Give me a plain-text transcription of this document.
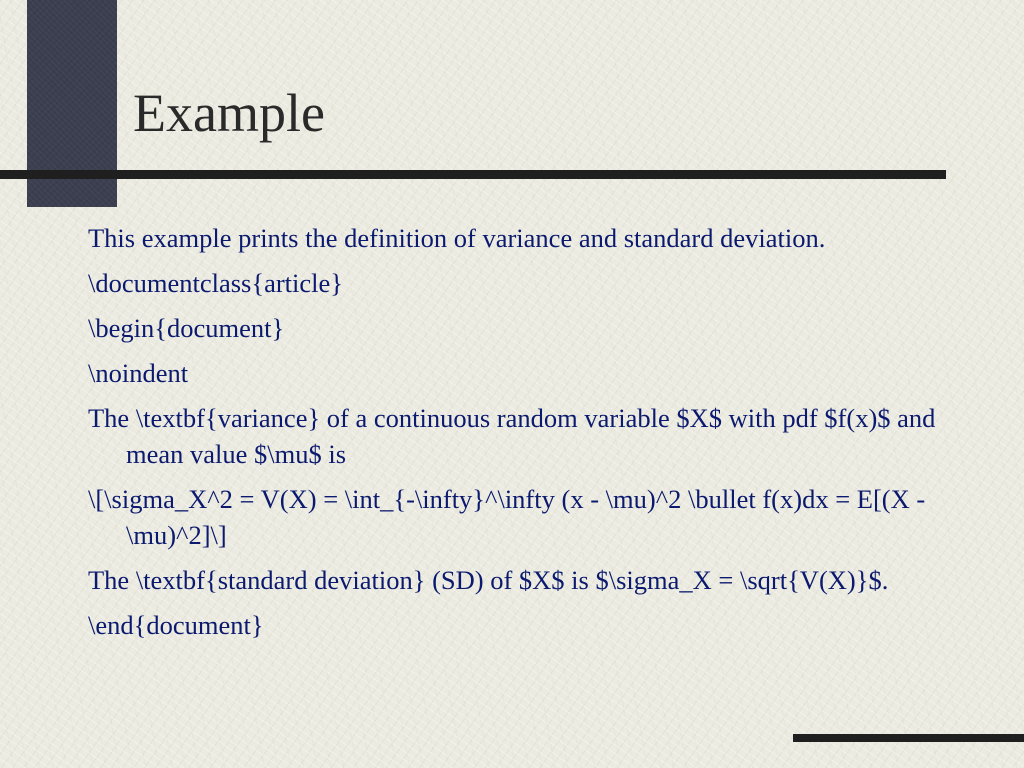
Example

This example prints the definition of variance and standard deviation.

\documentclass{article}

\begin{document}

\noindent

The \textbf{variance} of a continuous random variable $X$ with pdf $f(x)$ and mean value $\mu$ is

\[\sigma_X^2 = V(X) = \int_{-\infty}^\infty (x - \mu)^2 \bullet f(x)dx = E[(X - \mu)^2]\]

The \textbf{standard deviation} (SD) of $X$ is $\sigma_X = \sqrt{V(X)}$.

\end{document}
